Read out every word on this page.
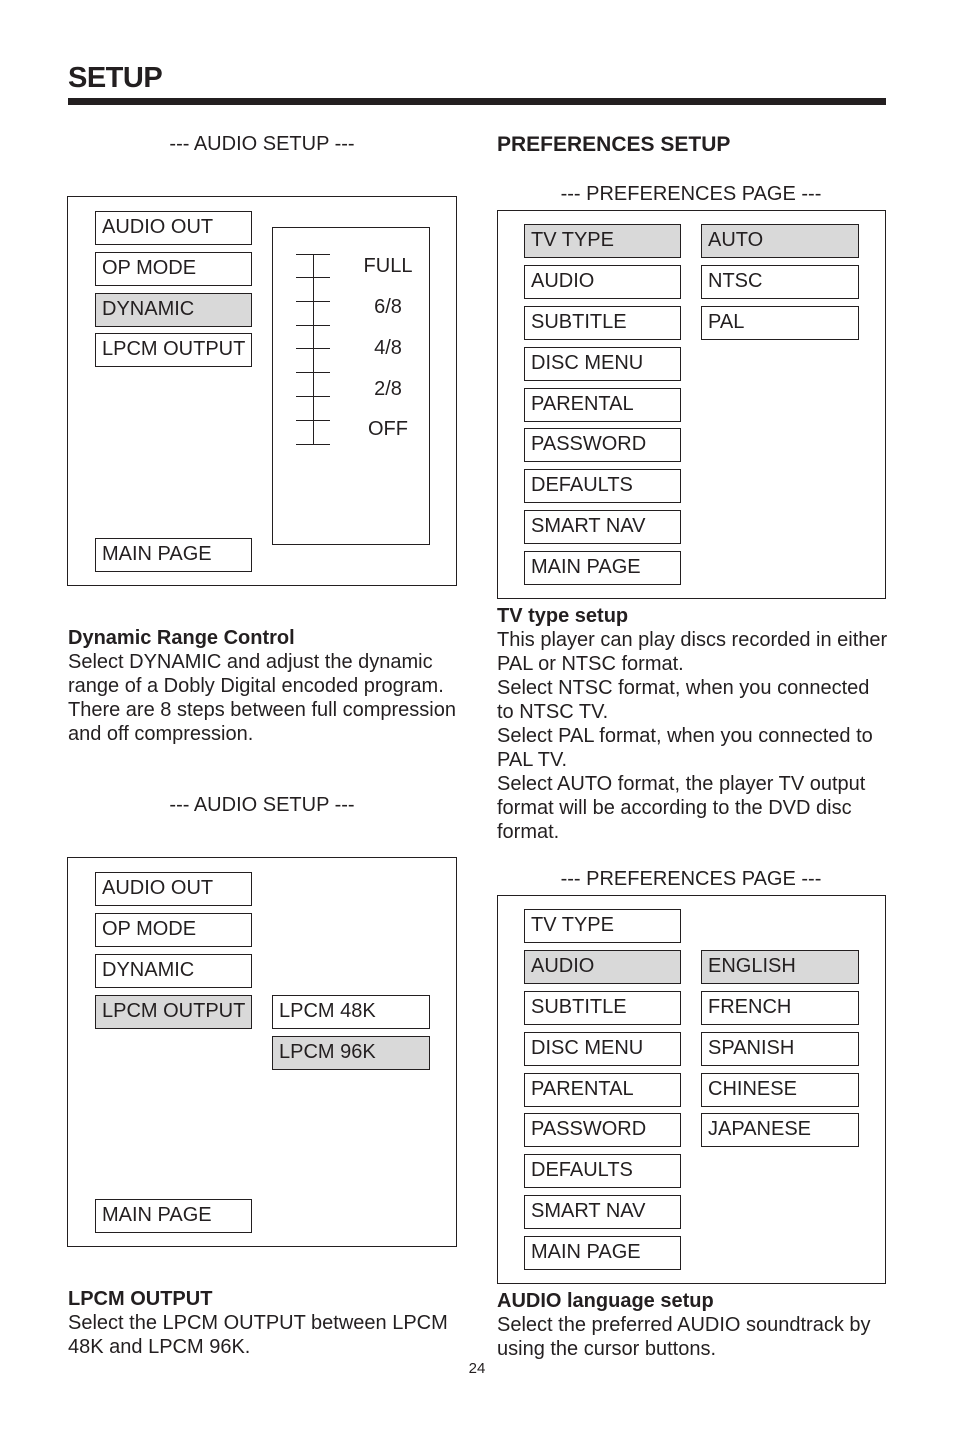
SETUP
--- AUDIO SETUP ---
AUDIO OUT
OP MODE
DYNAMIC
LPCM OUTPUT
MAIN PAGE
FULL
6/8
4/8
2/8
OFF
Dynamic Range Control

Select DYNAMIC and adjust the dynamic range of a Dobly Digital encoded program. There are 8 steps between full compression and off compression.

--- AUDIO SETUP ---
AUDIO OUT
OP MODE
DYNAMIC
LPCM OUTPUT	LPCM 48K
LPCM 96K
MAIN PAGE
LPCM OUTPUT

Select the LPCM OUTPUT between LPCM 48K and LPCM 96K.

PREFERENCES SETUP
--- PREFERENCES PAGE ---
TV TYPE
AUDIO
SUBTITLE
DISC MENU
PARENTAL
PASSWORD
DEFAULTS
SMART NAV
MAIN PAGE
AUTO
NTSC
PAL
TV type setup

This player can play discs recorded in either PAL or NTSC format.

Select NTSC format, when you connected to NTSC TV.

Select PAL format, when you connected to PAL TV.

Select AUTO format, the player TV output format will be according to the DVD disc format.

--- PREFERENCES PAGE ---
TV TYPE
AUDIO
SUBTITLE
DISC MENU
PARENTAL
PASSWORD
DEFAULTS
SMART NAV
MAIN PAGE
ENGLISH
FRENCH
SPANISH
CHINESE
JAPANESE
AUDIO language setup

Select the preferred AUDIO soundtrack by using the cursor buttons.

24
